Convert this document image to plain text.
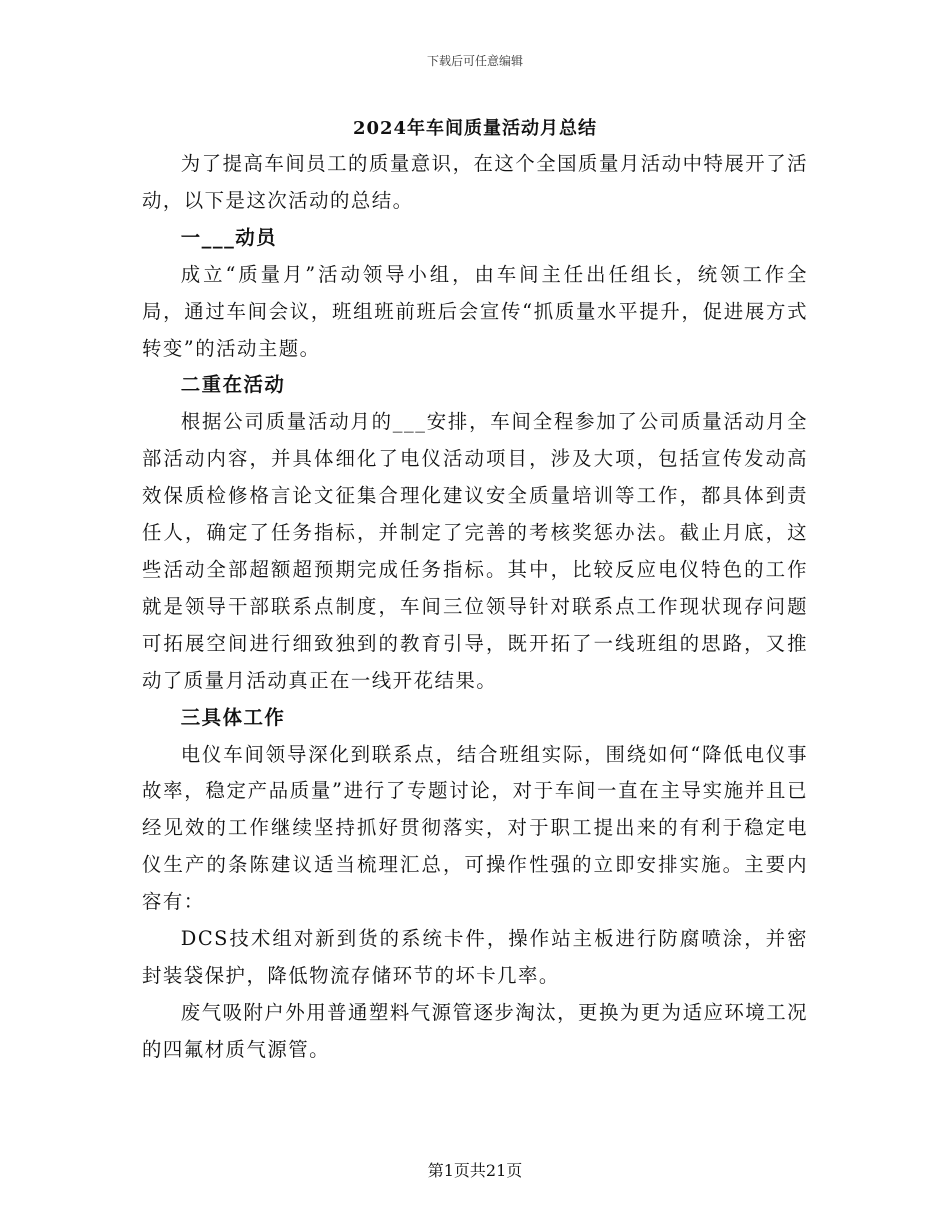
下载后可任意编辑
2024年车间质量活动月总结

为了提高车间员工的质量意识，在这个全国质量月活动中特展开了活动，以下是这次活动的总结。

一___动员

成立“质量月”活动领导小组，由车间主任出任组长，统领工作全局，通过车间会议，班组班前班后会宣传“抓质量水平提升，促进展方式转变”的活动主题。

二重在活动

根据公司质量活动月的___安排，车间全程参加了公司质量活动月全部活动内容，并具体细化了电仪活动项目，涉及大项，包括宣传发动高效保质检修格言论文征集合理化建议安全质量培训等工作，都具体到责任人，确定了任务指标，并制定了完善的考核奖惩办法。截止月底，这些活动全部超额超预期完成任务指标。其中，比较反应电仪特色的工作就是领导干部联系点制度，车间三位领导针对联系点工作现状现存问题可拓展空间进行细致独到的教育引导，既开拓了一线班组的思路，又推动了质量月活动真正在一线开花结果。

三具体工作

电仪车间领导深化到联系点，结合班组实际，围绕如何“降低电仪事故率，稳定产品质量”进行了专题讨论，对于车间一直在主导实施并且已经见效的工作继续坚持抓好贯彻落实，对于职工提出来的有利于稳定电仪生产的条陈建议适当梳理汇总，可操作性强的立即安排实施。主要内容有：

DCS技术组对新到货的系统卡件，操作站主板进行防腐喷涂，并密封装袋保护，降低物流存储环节的坏卡几率。

废气吸附户外用普通塑料气源管逐步淘汰，更换为更为适应环境工况的四氟材质气源管。

第1页共21页
